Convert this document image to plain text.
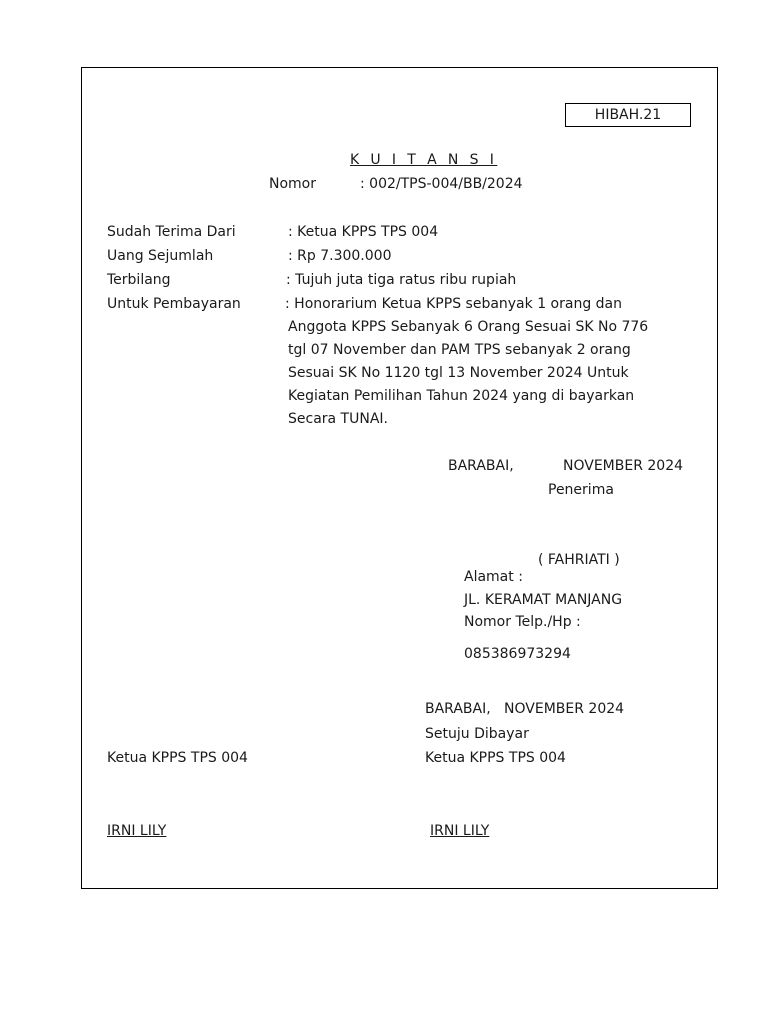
HIBAH.21
K U I T A N S I
Nomor	: 002/TPS-004/BB/2024
Sudah Terima Dari	: Ketua KPPS TPS 004
Uang Sejumlah	: Rp 7.300.000
Terbilang	: Tujuh juta tiga ratus ribu rupiah
Untuk Pembayaran	: Honorarium Ketua KPPS sebanyak 1 orang dan
Anggota KPPS Sebanyak 6 Orang Sesuai SK No 776
tgl 07 November dan PAM TPS sebanyak 2 orang
Sesuai SK No 1120 tgl 13 November 2024 Untuk
Kegiatan Pemilihan Tahun 2024 yang di bayarkan
Secara TUNAI.
BARABAI,	NOVEMBER 2024
Penerima
( FAHRIATI )
Alamat :
JL. KERAMAT MANJANG
Nomor Telp./Hp :
085386973294
BARABAI,   NOVEMBER 2024
Setuju Dibayar
Ketua KPPS TPS 004	Ketua KPPS TPS 004
IRNI LILY	IRNI LILY
